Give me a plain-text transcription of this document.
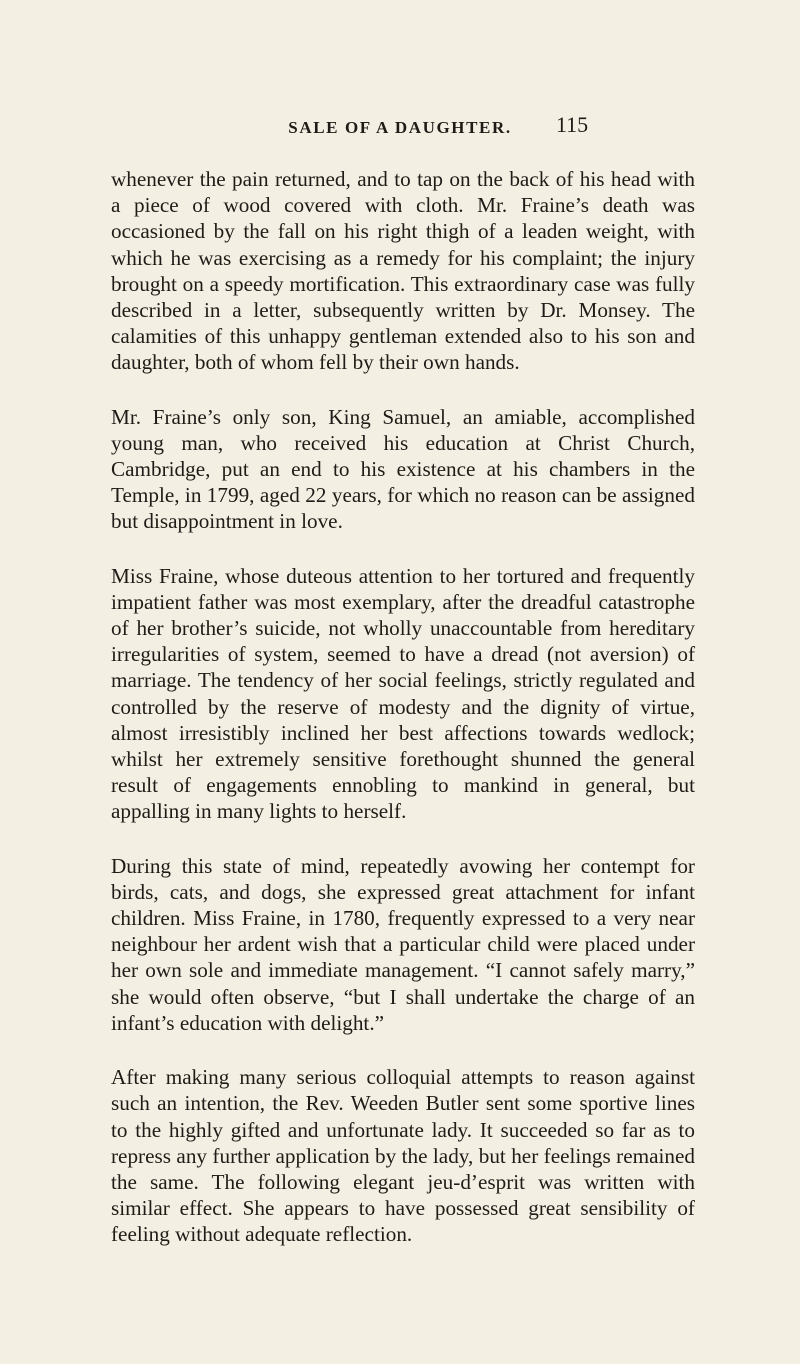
SALE OF A DAUGHTER.	115

whenever the pain returned, and to tap on the back of his head with a piece of wood covered with cloth. Mr. Fraine’s death was occasioned by the fall on his right thigh of a leaden weight, with which he was exercising as a remedy for his complaint; the injury brought on a speedy mortification. This extraordinary case was fully described in a letter, subsequently written by Dr. Monsey. The calamities of this unhappy gentleman extended also to his son and daughter, both of whom fell by their own hands.

Mr. Fraine’s only son, King Samuel, an amiable, accomplished young man, who received his education at Christ Church, Cambridge, put an end to his existence at his chambers in the Temple, in 1799, aged 22 years, for which no reason can be assigned but disappointment in love.

Miss Fraine, whose duteous attention to her tortured and frequently impatient father was most exemplary, after the dreadful catastrophe of her brother’s suicide, not wholly unaccountable from hereditary irregularities of system, seemed to have a dread (not aversion) of marriage. The tendency of her social feelings, strictly regulated and controlled by the reserve of modesty and the dignity of virtue, almost irresistibly inclined her best affections towards wedlock; whilst her extremely sensitive forethought shunned the general result of engagements ennobling to mankind in general, but appalling in many lights to herself.

During this state of mind, repeatedly avowing her contempt for birds, cats, and dogs, she expressed great attachment for infant children. Miss Fraine, in 1780, frequently expressed to a very near neighbour her ardent wish that a particular child were placed under her own sole and immediate management. “I cannot safely marry,” she would often observe, “but I shall undertake the charge of an infant’s education with delight.”

After making many serious colloquial attempts to reason against such an intention, the Rev. Weeden Butler sent some sportive lines to the highly gifted and unfortunate lady. It succeeded so far as to repress any further application by the lady, but her feelings remained the same. The following elegant jeu-d’esprit was written with similar effect. She appears to have possessed great sensibility of feeling without adequate reflection.
